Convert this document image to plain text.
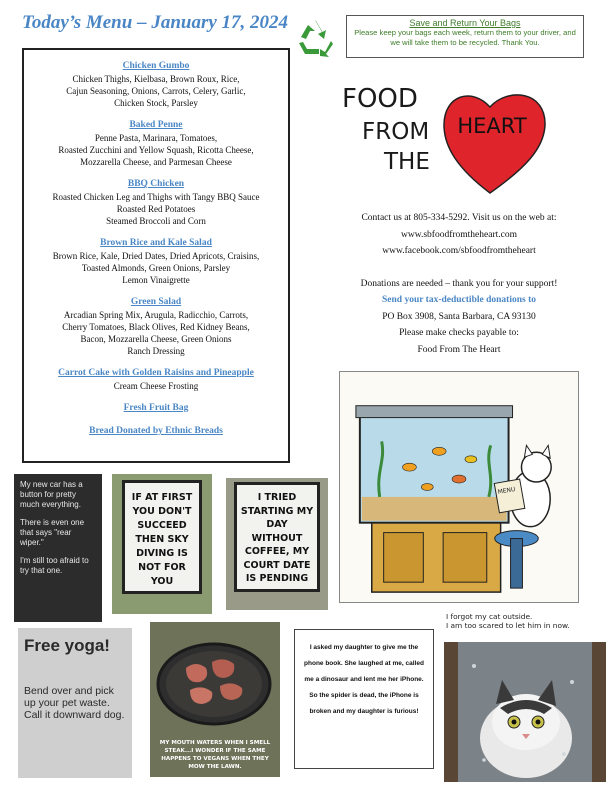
Today’s Menu – January 17, 2024	Save and Return Your Bags
Please keep your bags each week, return them to your driver, and we will take them to be recycled. Thank You.
Chicken Gumbo
Chicken Thighs, Kielbasa, Brown Roux, Rice,
Cajun Seasoning, Onions, Carrots, Celery, Garlic,
Chicken Stock, Parsley
Baked Penne
Penne Pasta, Marinara, Tomatoes,
Roasted Zucchini and Yellow Squash, Ricotta Cheese,
Mozzarella Cheese, and Parmesan Cheese
BBQ Chicken
Roasted Chicken Leg and Thighs with Tangy BBQ Sauce
Roasted Red Potatoes
Steamed Broccoli and Corn
Brown Rice and Kale Salad
Brown Rice, Kale, Dried Dates, Dried Apricots, Craisins,
Toasted Almonds, Green Onions, Parsley
Lemon Vinaigrette
Green Salad
Arcadian Spring Mix, Arugula, Radicchio, Carrots,
Cherry Tomatoes, Black Olives, Red Kidney Beans,
Bacon, Mozzarella Cheese, Green Onions
Ranch Dressing
Carrot Cake with Golden Raisins and Pineapple
Cream Cheese Frosting
Fresh Fruit Bag
Bread Donated by Ethnic Breads
FOOD
FROM
THE
HEART
Contact us at 805-334-5292. Visit us on the web at:
www.sbfoodfromtheheart.com
www.facebook.com/sbfoodfromtheheart
Donations are needed – thank you for your support!
Send your tax-deductible donations to
PO Box 3908, Santa Barbara, CA 93130
Please make checks payable to:
Food From The Heart
MENU

My new car has a button for pretty much everything.

There is even one that says "rear wiper."

I'm still too afraid to try that one.

IF AT FIRST YOU DON'T SUCCEED THEN SKY DIVING IS NOT FOR YOU
I TRIED STARTING MY DAY WITHOUT COFFEE, MY COURT DATE IS PENDING
Free yoga!
Bend over and pick up your pet waste. Call it downward dog.
MY MOUTH WATERS WHEN I SMELL STEAK...I WONDER IF THE SAME HAPPENS TO VEGANS WHEN THEY MOW THE LAWN.
I asked my daughter to give me the phone book. She laughed at me, called me a dinosaur and lent me her iPhone. So the spider is dead, the iPhone is broken and my daughter is furious!
I forgot my cat outside.
I am too scared to let him in now.
